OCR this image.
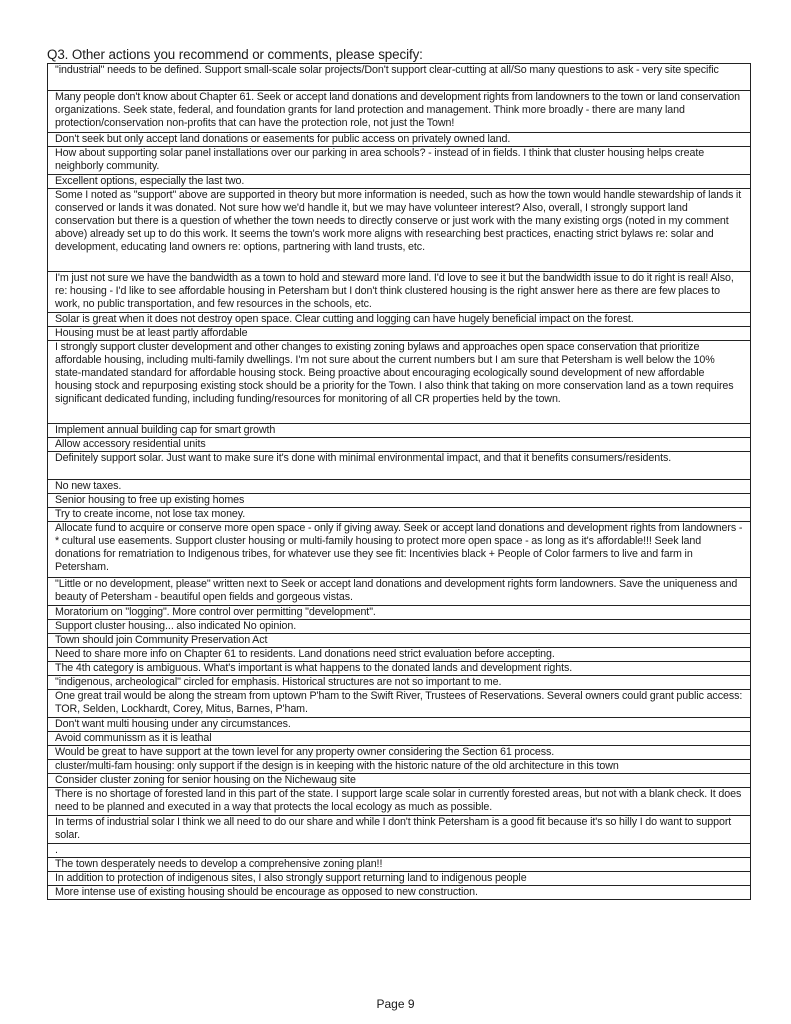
Q3. Other actions you recommend or comments, please specify:
"industrial" needs to be defined. Support small-scale solar projects/Don't support clear-cutting at all/So many questions to ask - very site specific
Many people don't know about Chapter 61. Seek or accept land donations and development rights from landowners to the town or land conservation organizations. Seek state, federal, and foundation grants for land protection and management. Think more broadly - there are many land protection/conservation non-profits that can have the protection role, not just the Town!
Don't seek but only accept land donations or easements for public access on privately owned land.
How about supporting solar panel installations over our parking in area schools? - instead of in fields. I think that cluster housing helps create neighborly community.
Excellent options, especially the last two.
Some I noted as "support" above are supported in theory but more information is needed, such as how the town would handle stewardship of lands it conserved or lands it was donated. Not sure how we'd handle it, but we may have volunteer interest? Also, overall, I strongly support land conservation but there is a question of whether the town needs to directly conserve or just work with the many existing orgs (noted in my comment above) already set up to do this work. It seems the town's work more aligns with researching best practices, enacting strict bylaws re: solar and development, educating land owners re: options, partnering with land trusts, etc.
I'm just not sure we have the bandwidth as a town to hold and steward more land. I'd love to see it but the bandwidth issue to do it right is real! Also, re: housing - I'd like to see affordable housing in Petersham but I don't think clustered housing is the right answer here as there are few places to work, no public transportation, and few resources in the schools, etc.
Solar is great when it does not destroy open space. Clear cutting and logging can have hugely beneficial impact on the forest.
Housing must be at least partly affordable
I strongly support cluster development and other changes to existing zoning bylaws and approaches open space conservation that prioritize affordable housing, including multi-family dwellings. I'm not sure about the current numbers but I am sure that Petersham is well below the 10% state-mandated standard for affordable housing stock. Being proactive about encouraging ecologically sound development of new affordable housing stock and repurposing existing stock should be a priority for the Town. I also think that taking on more conservation land as a town requires significant dedicated funding, including funding/resources for monitoring of all CR properties held by the town.
Implement annual building cap for smart growth
Allow accessory residential units
Definitely support solar. Just want to make sure it's done with minimal environmental impact, and that it benefits consumers/residents.
No new taxes.
Senior housing to free up existing homes
Try to create income, not lose tax money.
Allocate fund to acquire or conserve more open space - only if giving away. Seek or accept land donations and development rights from landowners - * cultural use easements. Support cluster housing or multi-family housing to protect more open space - as long as it's affordable!!! Seek land donations for rematriation to Indigenous tribes, for whatever use they see fit: Incentivies black + People of Color farmers to live and farm in Petersham.
"Little or no development, please" written next to Seek or accept land donations and development rights form landowners. Save the uniqueness and beauty of Petersham - beautiful open fields and gorgeous vistas.
Moratorium on "logging". More control over permitting "development".
Support cluster housing... also indicated No opinion.
Town should join Community Preservation Act
Need to share more info on Chapter 61 to residents. Land donations need strict evaluation before accepting.
The 4th category is ambiguous. What's important is what happens to the donated lands and development rights.
"indigenous, archeological" circled for emphasis. Historical structures are not so important to me.
One great trail would be along the stream from uptown P'ham to the Swift River, Trustees of Reservations. Several owners could grant public access: TOR, Selden, Lockhardt, Corey, Mitus, Barnes, P'ham.
Don't want multi housing under any circumstances.
Avoid communissm as it is leathal
Would be great to have support at the town level for any property owner considering the Section 61 process.
cluster/multi-fam housing: only support if the design is in keeping with the historic nature of the old architecture in this town
Consider cluster zoning for senior housing on the Nichewaug site
There is no shortage of forested land in this part of the state. I support large scale solar in currently forested areas, but not with a blank check. It does need to be planned and executed in a way that protects the local ecology as much as possible.
In terms of industrial solar I think we all need to do our share and while I don't think Petersham is a good fit because it's so hilly I do want to support solar.
.
The town desperately needs to develop a comprehensive zoning plan!!
In addition to protection of indigenous sites, I also strongly support returning land to indigenous people
More intense use of existing housing should be encourage as opposed to new construction.
Page 9
